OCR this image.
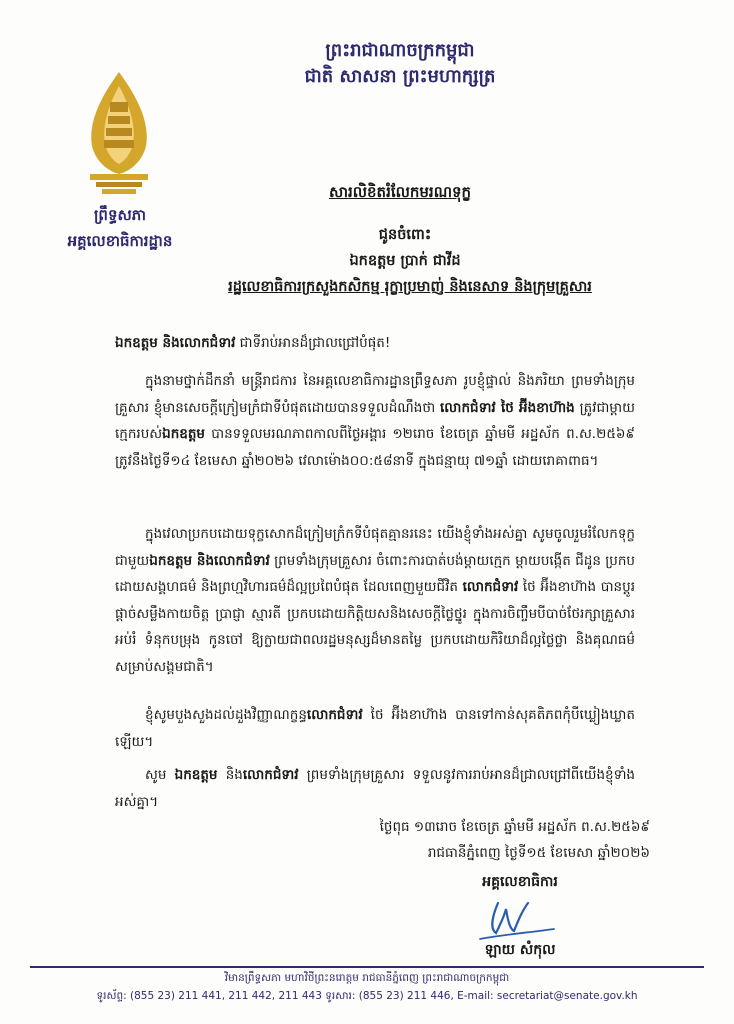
ព្រះរាជាណាចក្រកម្ពុជា
ជាតិ សាសនា ព្រះមហាក្សត្រ
ព្រឹទ្ធសភា
អគ្គលេខាធិការដ្ឋាន
សារលិខិតរំលែកមរណទុក្ខ
ជូនចំពោះ
ឯកឧត្តម ប្រាក់ ជាវីដ
រដ្ឋលេខាធិការក្រសួងកសិកម្ម រុក្ខាប្រមាញ់ និងនេសាទ និងក្រុមគ្រួសារ
ឯកឧត្តម និងលោកជំទាវ ជាទីរាប់អានដ៏ជ្រាលជ្រៅបំផុត!
ក្នុងនាមថ្នាក់ដឹកនាំ មន្រ្តីរាជការ នៃអគ្គលេខាធិការដ្ឋានព្រឹទ្ធសភា រូបខ្ញុំផ្ទាល់ និងភរិយា ព្រមទាំងក្រុមគ្រួសារ ខ្ញុំមានសេចក្តីក្រៀមក្រំជាទីបំផុតដោយបានទទួលដំណឹងថា លោកជំទាវ ថៃ អ៊ីងខាហ៊ាង ត្រូវជាម្តាយក្មេករបស់ឯកឧត្តម បានទទួលមរណភាពកាលពីថ្ងៃអង្គារ ១២រោច ខែចេត្រ ឆ្នាំមមី អដ្ឋស័ក ព.ស.២៥៦៩ ត្រូវនឹងថ្ងៃទី១៤ ខែមេសា ឆ្នាំ២០២៦ វេលាម៉ោង០០:៥៨នាទី ក្នុងជន្មាយុ ៧១ឆ្នាំ ដោយរោគាពាធ។
ក្នុងវេលាប្រកបដោយទុក្ខសោកដ៏ក្រៀមក្រំកទីបំផុតគ្មានរនេះ យើងខ្ញុំទាំងអស់គ្នា សូមចូលរួមរំលែកទុក្ខ ជាមួយឯកឧត្តម និងលោកជំទាវ ព្រមទាំងក្រុមគ្រួសារ ចំពោះការបាត់បង់ម្តាយក្មេក ម្តាយបង្កើត ជីដូន ប្រកបដោយសង្គហធម៌ និងព្រហ្មវិហារធម៌ដ៏ល្អប្រពៃបំផុត ដែលពេញមួយជីវិត លោកជំទាវ ថៃ អ៊ីងខាហ៊ាង បានប្តូរផ្តាច់សម្លឹងកាយចិត្ត ប្រាជ្ញា ស្មារតី ប្រកបដោយកិត្តិយសនិងសេចក្តីថ្លៃថ្នូរ ក្នុងការចិញ្ចឹមបីបាច់ថែរក្សាគ្រួសារ អប់រំ ទំនុកបម្រុង កូនចៅ ឱ្យក្លាយជាពលរដ្ឋមនុស្សដ៏មានតម្លៃ ប្រកបដោយកិរិយាដ៏ល្អថ្លៃថ្លា និងគុណធម៌សម្រាប់សង្គមជាតិ។
ខ្ញុំសូមបួងសួងដល់ដួងវិញ្ញាណក្ខន្ធលោកជំទាវ ថៃ អ៊ីងខាហ៊ាង បានទៅកាន់សុគតិភពកុំបីឃ្លៀងឃ្លាតឡើយ។
សូម ឯកឧត្តម និងលោកជំទាវ ព្រមទាំងក្រុមគ្រួសារ ទទួលនូវការរាប់អានដ៏ជ្រាលជ្រៅពីយើងខ្ញុំទាំងអស់គ្នា។
ថ្ងៃពុធ ១៣រោច ខែចេត្រ ឆ្នាំមមី អដ្ឋស័ក ព.ស.២៥៦៩
រាជធានីភ្នំពេញ ថ្ងៃទី១៥ ខែមេសា ឆ្នាំ២០២៦
អគ្គលេខាធិការ
ឡាយ សំកុល
វិមានព្រឹទ្ធសភា មហាវិថីព្រះនរោត្តម រាជធានីភ្នំពេញ ព្រះរាជាណាចក្រកម្ពុជា
ទូរស័ព្ទ: (855 23) 211 441, 211 442, 211 443 ទូរសារ: (855 23) 211 446, E-mail: secretariat@senate.gov.kh
